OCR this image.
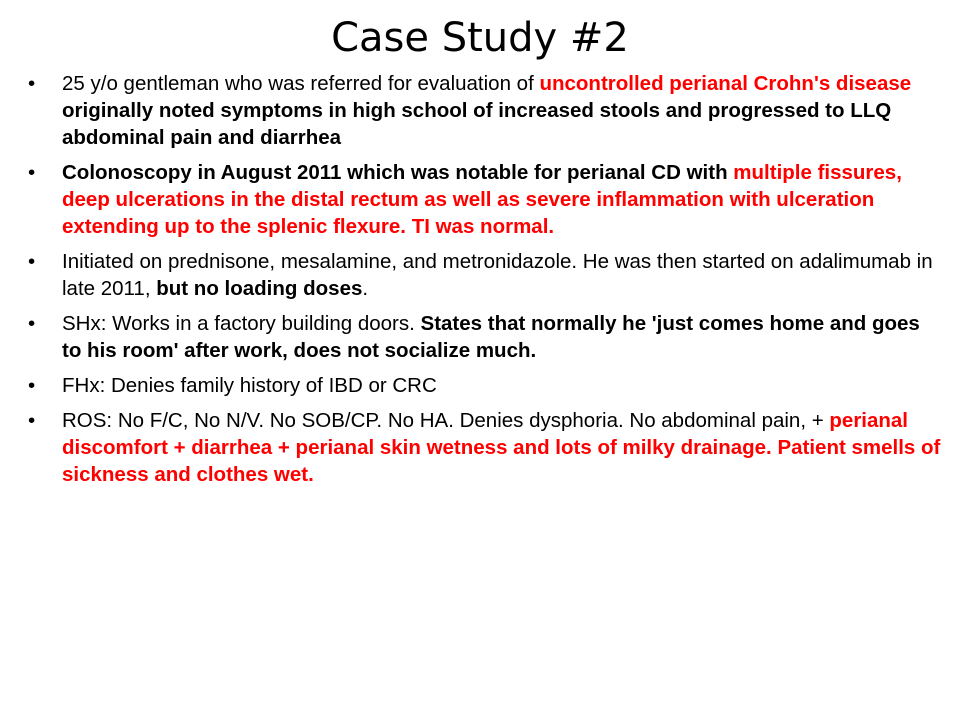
Case Study #2
• 25 y/o gentleman who was referred for evaluation of uncontrolled perianal Crohn's disease originally noted symptoms in high school of increased stools and progressed to LLQ abdominal pain and diarrhea
• Colonoscopy in August 2011 which was notable for perianal CD with multiple fissures, deep ulcerations in the distal rectum as well as severe inflammation with ulceration extending up to the splenic flexure. TI was normal.
• Initiated on prednisone, mesalamine, and metronidazole. He was then started on adalimumab in late 2011, but no loading doses.
• SHx: Works in a factory building doors. States that normally he 'just comes home and goes to his room' after work, does not socialize much.
• FHx: Denies family history of IBD or CRC
• ROS: No F/C, No N/V. No SOB/CP. No HA. Denies dysphoria. No abdominal pain, + perianal discomfort + diarrhea + perianal skin wetness and lots of milky drainage. Patient smells of sickness and clothes wet.
